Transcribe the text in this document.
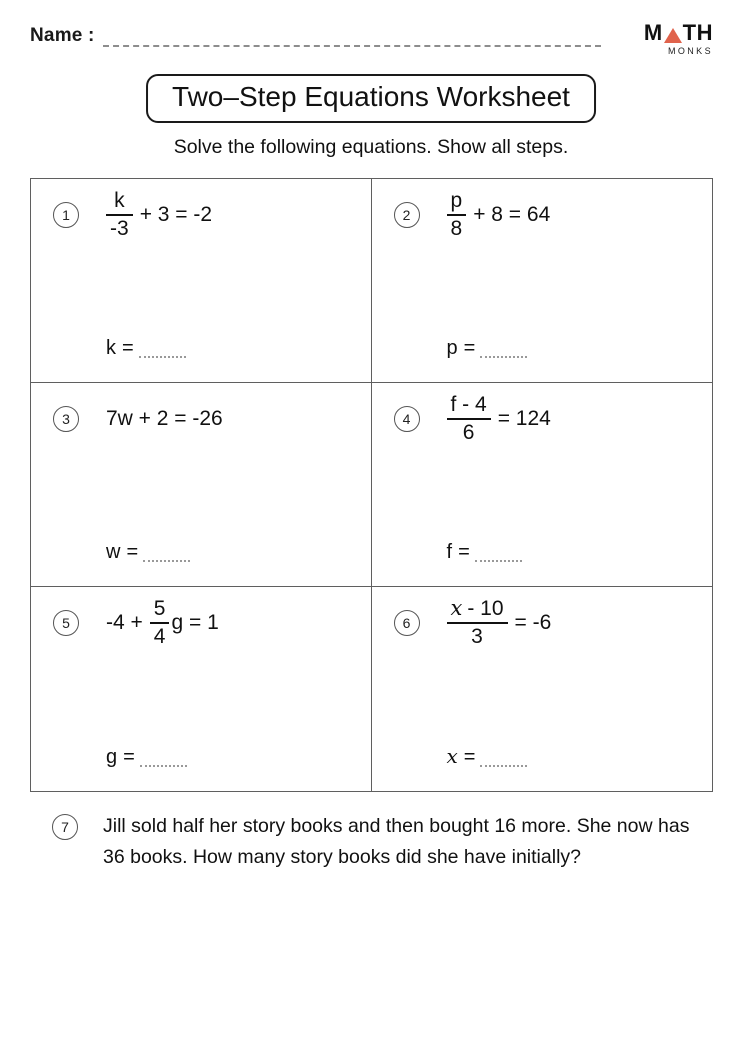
Name :	M TH
MONKS
Two–Step Equations Worksheet
Solve the following equations. Show all steps.
1	$\frac{k}{-3} + 3 = -2$
k =
2	$\frac{p}{8} + 8 = 64$
p =
3	7w + 2 = -26
w =
4	$\frac{f - 4}{6} = 124$
f =
5	$-4 + \frac{5}{4}$ g = 1
g =
6	$\frac{x - 10}{3} = -6$
x =
7	Jill sold half her story books and then bought 16 more. She now has
36 books. How many story books did she have initially?
